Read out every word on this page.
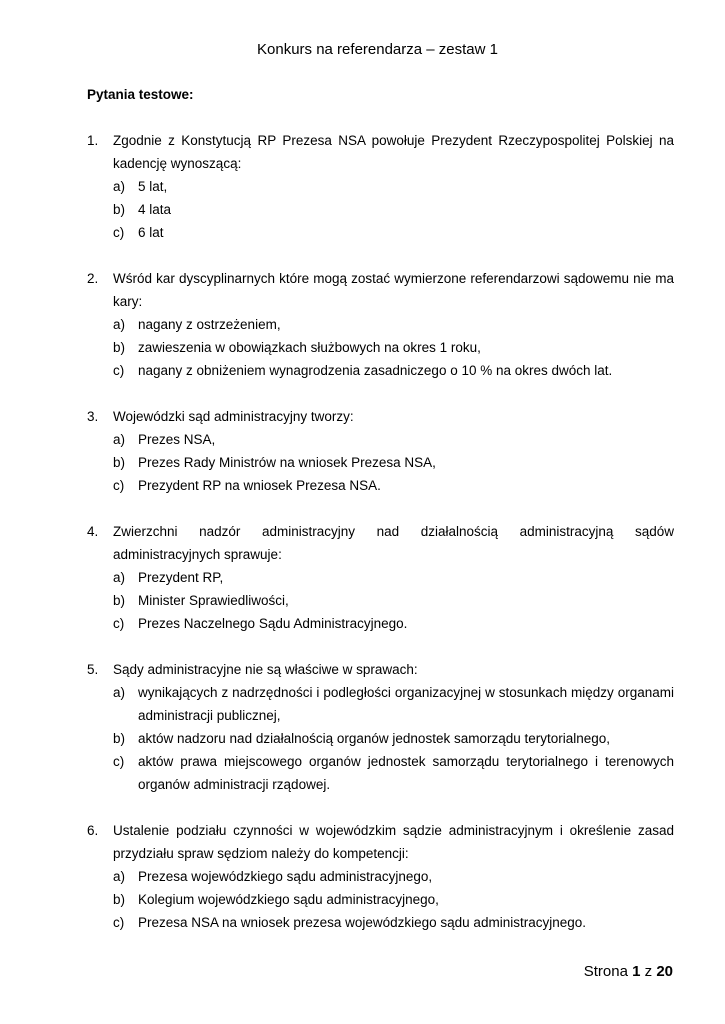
Konkurs na referendarza – zestaw 1
Pytania testowe:
1. Zgodnie z Konstytucją RP Prezesa NSA powołuje Prezydent Rzeczypospolitej Polskiej na kadencję wynoszącą:
a) 5 lat,
b) 4 lata
c) 6 lat
2. Wśród kar dyscyplinarnych które mogą zostać wymierzone referendarzowi sądowemu nie ma kary:
a) nagany z ostrzeżeniem,
b) zawieszenia w obowiązkach służbowych na okres 1 roku,
c) nagany z obniżeniem wynagrodzenia zasadniczego o 10 % na okres dwóch lat.
3. Wojewódzki sąd administracyjny tworzy:
a) Prezes NSA,
b) Prezes Rady Ministrów na wniosek Prezesa NSA,
c) Prezydent RP na wniosek Prezesa NSA.
4. Zwierzchni nadzór administracyjny nad działalnością administracyjną sądów administracyjnych sprawuje:
a) Prezydent RP,
b) Minister Sprawiedliwości,
c) Prezes Naczelnego Sądu Administracyjnego.
5. Sądy administracyjne nie są właściwe w sprawach:
a) wynikających z nadrzędności i podległości organizacyjnej w stosunkach między organami administracji publicznej,
b) aktów nadzoru nad działalnością organów jednostek samorządu terytorialnego,
c) aktów prawa miejscowego organów jednostek samorządu terytorialnego i terenowych organów administracji rządowej.
6. Ustalenie podziału czynności w wojewódzkim sądzie administracyjnym i określenie zasad przydziału spraw sędziom należy do kompetencji:
a) Prezesa wojewódzkiego sądu administracyjnego,
b) Kolegium wojewódzkiego sądu administracyjnego,
c) Prezesa NSA na wniosek prezesa wojewódzkiego sądu administracyjnego.
Strona 1 z 20
